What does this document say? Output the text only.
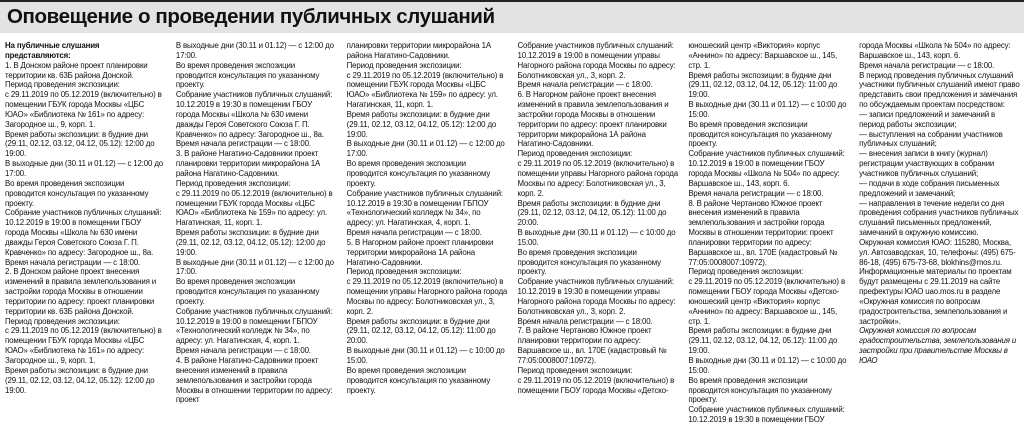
Оповещение о проведении публичных слушаний

На публичные слушания

представляются:

1. В Донском районе проект планировки территории кв. 63Б района Донской.

Период проведения экспозиции:

с 29.11.2019 по 05.12.2019 (включительно) в помещении ГБУК города Москвы «ЦБС ЮАО» «Библиотека № 161» по адресу: Загородное ш., 9, корп. 1.

Время работы экспозиции: в будние дни (29.11, 02.12, 03.12, 04.12, 05.12): 12:00 до 19:00.

В выходные дни (30.11 и 01.12) — с 12:00 до 17:00.

Во время проведения экспозиции проводится консультация по указанному проекту.

Собрание участников публичных слушаний: 10.12.2019 в 19:00 в помещении ГБОУ города Москвы «Школа № 630 имени дважды Героя Советского Союза Г. П. Кравченко» по адресу: Загородное ш., 8а.

Время начала регистрации — с 18:00.

2. В Донском районе проект внесения изменений в правила землепользования и застройки города Москвы в отношении территории по адресу: проект планировки территории кв. 63Б района Донской.

Период проведения экспозиции:

с 29.11.2019 по 05.12.2019 (включительно) в помещении ГБУК города Москвы «ЦБС ЮАО» «Библиотека № 161» по адресу: Загородное ш., 9, корп. 1.

Время работы экспозиции: в будние дни (29.11, 02.12, 03.12, 04.12, 05.12): 12:00 до 19:00.

В выходные дни (30.11 и 01.12) — с 12:00 до 17:00.

Во время проведения экспозиции проводится консультация по указанному проекту.

Собрание участников публичных слушаний: 10.12.2019 в 19:30 в помещении ГБОУ города Москвы «Школа № 630 имени дважды Героя Советского Союза Г. П. Кравченко» по адресу: Загородное ш., 8а.

Время начала регистрации — с 18:00.

3. В районе Нагатино-Садовники проект планировки территории микрорайона 1А района Нагатино-Садовники.

Период проведения экспозиции:

с 29.11.2019 по 05.12.2019 (включительно) в помещении ГБУК города Москвы «ЦБС ЮАО» «Библиотека № 159» по адресу: ул. Нагатинская, 11, корп. 1.

Время работы экспозиции: в будние дни (29.11, 02.12, 03.12, 04.12, 05.12): 12:00 до 19:00.

В выходные дни (30.11 и 01.12) — с 12:00 до 17:00.

Во время проведения экспозиции проводится консультация по указанному проекту.

Собрание участников публичных слушаний: 10.12.2019 в 19:00 в помещении ГБПОУ «Технологический колледж № 34», по адресу: ул. Нагатинская, 4, корп. 1.

Время начала регистрации — с 18:00.

4. В районе Нагатино-Садовники проект внесения изменений в правила землепользования и застройки города Москвы в отношении территории по адресу: проект

планировки территории микрорайона 1А района Нагатино-Садовники.

Период проведения экспозиции:

с 29.11.2019 по 05.12.2019 (включительно) в помещении ГБУК города Москвы «ЦБС ЮАО» «Библиотека № 159» по адресу: ул. Нагатинская, 11, корп. 1.

Время работы экспозиции: в будние дни (29.11, 02.12, 03.12, 04.12, 05.12): 12:00 до 19:00.

В выходные дни (30.11 и 01.12) — с 12:00 до 17:00.

Во время проведения экспозиции проводится консультация по указанному проекту.

Собрание участников публичных слушаний: 10.12.2019 в 19:30 в помещении ГБПОУ «Технологический колледж № 34», по адресу: ул. Нагатинская, 4, корп. 1.

Время начала регистрации — с 18:00.

5. В Нагорном районе проект планировки территории микрорайона 1А района Нагатино-Садовники.

Период проведения экспозиции:

с 29.11.2019 по 05.12.2019 (включительно) в помещении управы Нагорного района города Москвы по адресу: Болотниковская ул., 3, корп. 2.

Время работы экспозиции: в будние дни (29.11, 02.12, 03.12, 04.12, 05.12): 11:00 до 20:00.

В выходные дни (30.11 и 01.12) — с 10:00 до 15:00.

Во время проведения экспозиции проводится консультация по указанному проекту.

Собрание участников публичных слушаний: 10.12.2019 в 19:00 в помещении управы Нагорного района города Москвы по адресу: Болотниковская ул., 3, корп. 2.

Время начала регистрации — с 18:00.

6. В Нагорном районе проект внесения изменений в правила землепользования и застройки города Москвы в отношении территории по адресу: проект планировки территории микрорайона 1А района Нагатино-Садовники.

Период проведения экспозиции:

с 29.11.2019 по 05.12.2019 (включительно) в помещении управы Нагорного района города Москвы по адресу: Болотниковская ул., 3, корп. 2.

Время работы экспозиции: в будние дни (29.11, 02.12, 03.12, 04.12, 05.12): 11:00 до 20:00.

В выходные дни (30.11 и 01.12) — с 10:00 до 15:00.

Во время проведения экспозиции проводится консультация по указанному проекту.

Собрание участников публичных слушаний: 10.12.2019 в 19:30 в помещении управы Нагорного района города Москвы по адресу: Болотниковская ул., 3, корп. 2.

Время начала регистрации — с 18:00.

7. В районе Чертаново Южное проект планировки территории по адресу: Варшавское ш., вл. 170Е (кадастровый № 77:05:0008007:10972).

Период проведения экспозиции:

с 29.11.2019 по 05.12.2019 (включительно) в помещении ГБОУ города Москвы «Детско-

юношеский центр «Виктория» корпус «Аннино» по адресу: Варшавское ш., 145, стр. 1.

Время работы экспозиции: в будние дни (29.11, 02.12, 03.12, 04.12, 05.12): 11:00 до 19:00.

В выходные дни (30.11 и 01.12) — с 10:00 до 15:00.

Во время проведения экспозиции проводится консультация по указанному проекту.

Собрание участников публичных слушаний: 10.12.2019 в 19:00 в помещении ГБОУ города Москвы «Школа № 504» по адресу: Варшавское ш., 143, корп. 6.

Время начала регистрации — с 18:00.

8. В районе Чертаново Южное проект внесения изменений в правила землепользования и застройки города Москвы в отношении территории: проект планировки территории по адресу: Варшавское ш., вл. 170Е (кадастровый № 77:05:0008007:10972).

Период проведения экспозиции:

с 29.11.2019 по 05.12.2019 (включительно) в помещении ГБОУ города Москвы «Детско-юношеский центр «Виктория» корпус «Аннино» по адресу: Варшавское ш., 145, стр. 1.

Время работы экспозиции: в будние дни (29.11, 02.12, 03.12, 04.12, 05.12): 11:00 до 19:00.

В выходные дни (30.11 и 01.12) — с 10:00 до 15:00.

Во время проведения экспозиции проводится консультация по указанному проекту.

Собрание участников публичных слушаний: 10.12.2019 в 19:30 в помещении ГБОУ

города Москвы «Школа № 504» по адресу: Варшавское ш., 143, корп. 6.

Время начала регистрации — с 18:00.

В период проведения публичных слушаний участники публичных слушаний имеют право представить свои предложения и замечания по обсуждаемым проектам посредством:

— записи предложений и замечаний в период работы экспозиции;

— выступления на собрании участников публичных слушаний;

— внесения записи в книгу (журнал) регистрации участвующих в собрании участников публичных слушаний;

— подачи в ходе собрания письменных предложений и замечаний;

— направления в течение недели со дня проведения собрания участников публичных слушаний письменных предложений, замечаний в окружную комиссию.

Окружная комиссия ЮАО: 115280, Москва, ул. Автозаводская, 10, телефоны: (495) 675-86-18, (495) 675-73-68, blokhins@mos.ru.

Информационные материалы по проектам будут размещены с 29.11.2019 на сайте префектуры ЮАО uao.mos.ru в разделе «Окружная комиссия по вопросам градостроительства, землепользования и застройки».

Окружная комиссия по вопросам градостроительства, землепользования и застройки при правительстве Москвы в ЮАО
